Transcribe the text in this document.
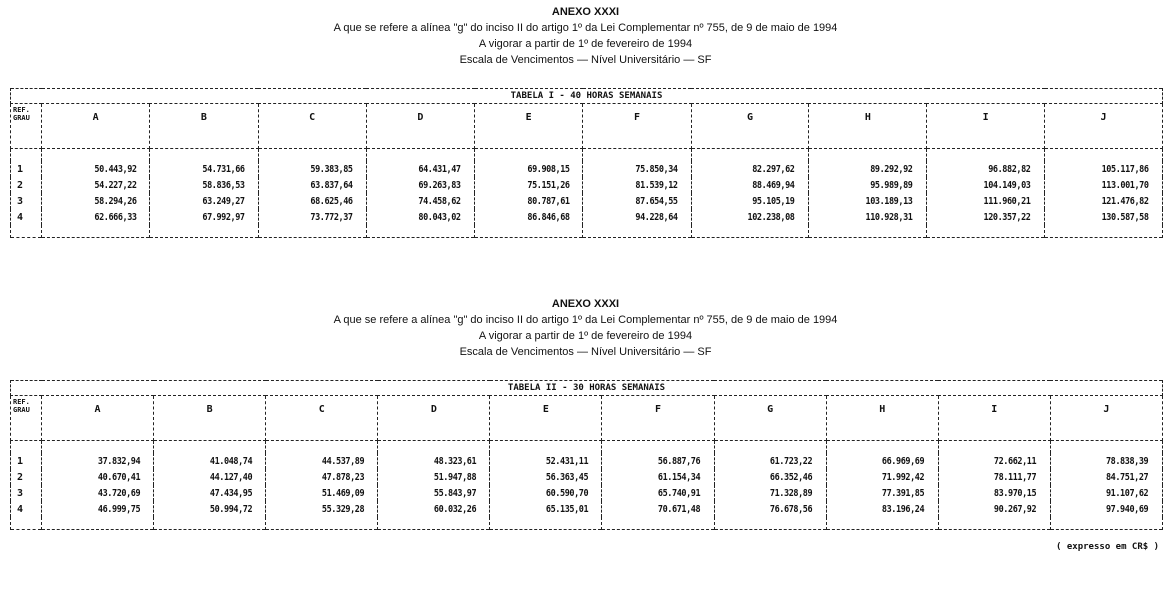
ANEXO XXXI
A que se refere a alínea "g" do inciso II do artigo 1º da Lei Complementar nº 755, de 9 de maio de 1994
A vigorar a partir de 1º de fevereiro de 1994
Escala de Vencimentos — Nível Universitário — SF
TABELA I - 40 HORAS SEMANAIS										
REF. GRAU	A	B	C	D	E	F	G	H	I	J

1	50.443,92	54.731,66	59.383,85	64.431,47	69.908,15	75.850,34	82.297,62	89.292,92	96.882,82	105.117,86
2	54.227,22	58.836,53	63.837,64	69.263,83	75.151,26	81.539,12	88.469,94	95.989,89	104.149,03	113.001,70
3	58.294,26	63.249,27	68.625,46	74.458,62	80.787,61	87.654,55	95.105,19	103.189,13	111.960,21	121.476,82
4	62.666,33	67.992,97	73.772,37	80.043,02	86.846,68	94.228,64	102.238,08	110.928,31	120.357,22	130.587,58

ANEXO XXXI
A que se refere a alínea "g" do inciso II do artigo 1º da Lei Complementar nº 755, de 9 de maio de 1994
A vigorar a partir de 1º de fevereiro de 1994
Escala de Vencimentos — Nível Universitário — SF
TABELA II - 30 HORAS SEMANAIS										
REF. GRAU	A	B	C	D	E	F	G	H	I	J

1	37.832,94	41.048,74	44.537,89	48.323,61	52.431,11	56.887,76	61.723,22	66.969,69	72.662,11	78.838,39
2	40.670,41	44.127,40	47.878,23	51.947,88	56.363,45	61.154,34	66.352,46	71.992,42	78.111,77	84.751,27
3	43.720,69	47.434,95	51.469,09	55.843,97	60.590,70	65.740,91	71.328,89	77.391,85	83.970,15	91.107,62
4	46.999,75	50.994,72	55.329,28	60.032,26	65.135,01	70.671,48	76.678,56	83.196,24	90.267,92	97.940,69

( expresso em CR$ )
